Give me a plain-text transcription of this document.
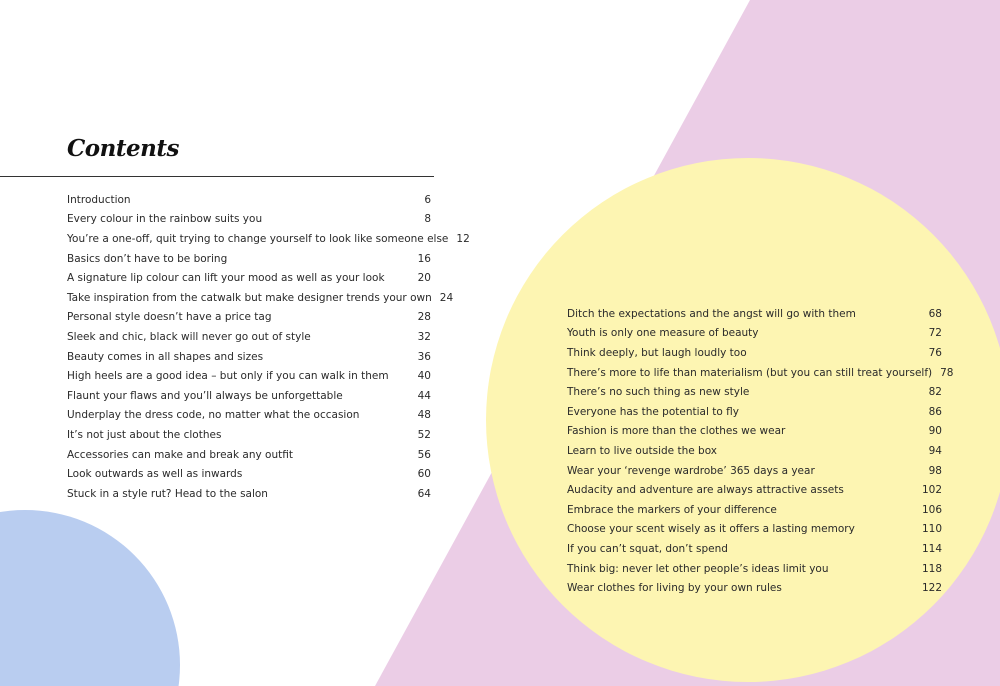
Contents
Introduction	6
Every colour in the rainbow suits you	8
You’re a one-off, quit trying to change yourself to look like someone else 12
Basics don’t have to be boring	16
A signature lip colour can lift your mood as well as your look	20
Take inspiration from the catwalk but make designer trends your own 24
Personal style doesn’t have a price tag	28
Sleek and chic, black will never go out of style	32
Beauty comes in all shapes and sizes	36
High heels are a good idea – but only if you can walk in them	40
Flaunt your flaws and you’ll always be unforgettable	44
Underplay the dress code, no matter what the occasion	48
It’s not just about the clothes	52
Accessories can make and break any outfit	56
Look outwards as well as inwards	60
Stuck in a style rut? Head to the salon	64
Ditch the expectations and the angst will go with them	68
Youth is only one measure of beauty	72
Think deeply, but laugh loudly too	76
There’s more to life than materialism (but you can still treat yourself) 78
There’s no such thing as new style	82
Everyone has the potential to fly	86
Fashion is more than the clothes we wear	90
Learn to live outside the box	94
Wear your ‘revenge wardrobe’ 365 days a year	98
Audacity and adventure are always attractive assets	102
Embrace the markers of your difference	106
Choose your scent wisely as it offers a lasting memory	110
If you can’t squat, don’t spend	114
Think big: never let other people’s ideas limit you	118
Wear clothes for living by your own rules	122
